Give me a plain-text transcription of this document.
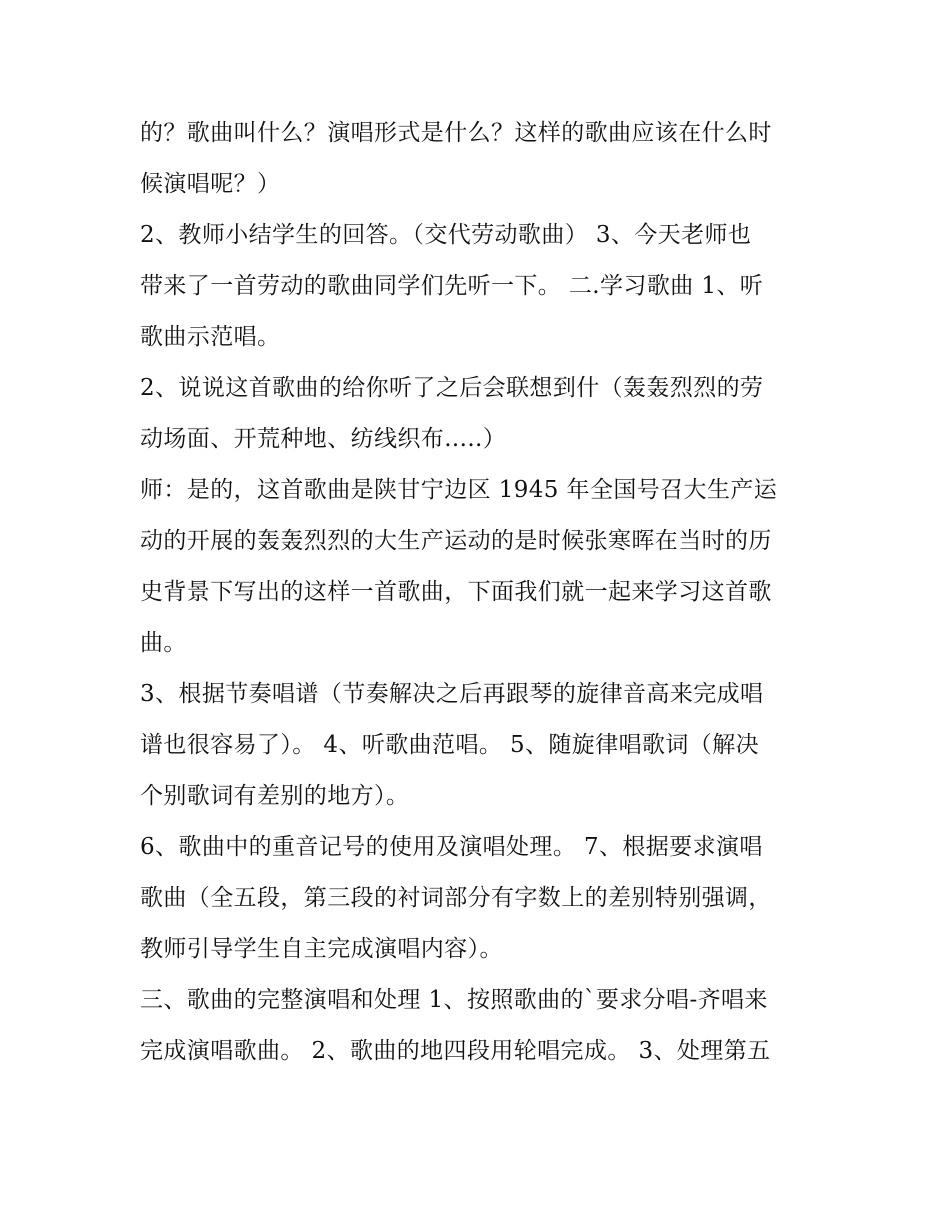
的？歌曲叫什么？演唱形式是什么？这样的歌曲应该在什么时
候演唱呢？）

2、教师小结学生的回答。（交代劳动歌曲） 3、今天老师也
带来了一首劳动的歌曲同学们先听一下。 二.学习歌曲 1、听
歌曲示范唱。

2、说说这首歌曲的给你听了之后会联想到什（轰轰烈烈的劳
动场面、开荒种地、纺线织布.....）

师：是的，这首歌曲是陕甘宁边区 1945 年全国号召大生产运
动的开展的轰轰烈烈的大生产运动的是时候张寒晖在当时的历
史背景下写出的这样一首歌曲，下面我们就一起来学习这首歌
曲。

3、根据节奏唱谱（节奏解决之后再跟琴的旋律音高来完成唱
谱也很容易了）。 4、听歌曲范唱。 5、随旋律唱歌词（解决
个别歌词有差别的地方）。

6、歌曲中的重音记号的使用及演唱处理。 7、根据要求演唱
歌曲（全五段，第三段的衬词部分有字数上的差别特别强调，
教师引导学生自主完成演唱内容）。

三、歌曲的完整演唱和处理 1、按照歌曲的`要求分唱-齐唱来
完成演唱歌曲。 2、歌曲的地四段用轮唱完成。 3、处理第五
